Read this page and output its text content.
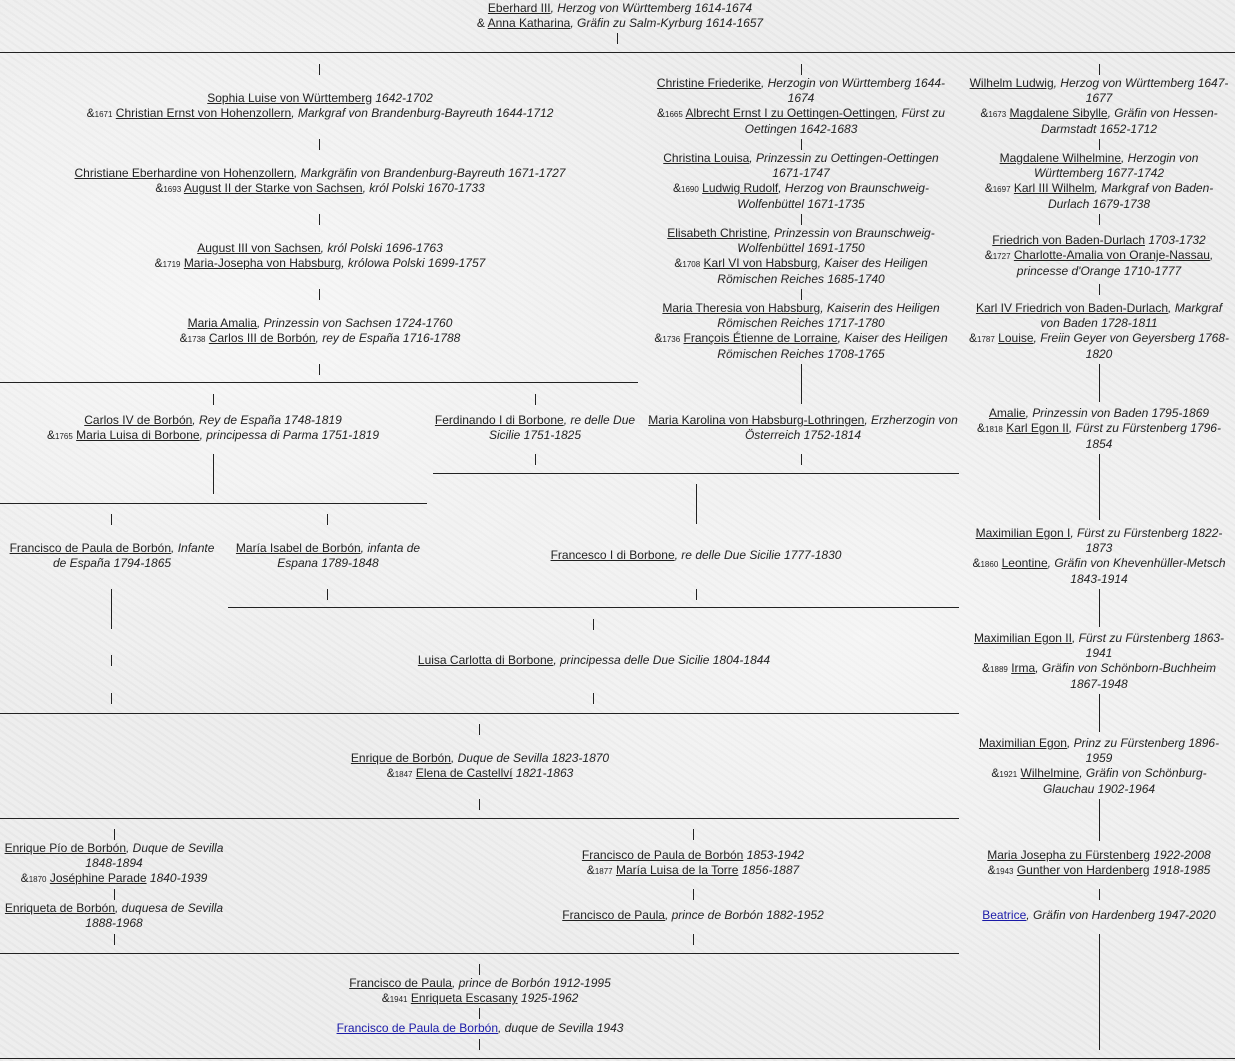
Eberhard III, Herzog von Württemberg 1614-1674
& Anna Katharina, Gräfin zu Salm-Kyrburg 1614-1657
Sophia Luise von Württemberg 1642-1702
&1671 Christian Ernst von Hohenzollern, Markgraf von Brandenburg-Bayreuth 1644-1712
Christiane Eberhardine von Hohenzollern, Markgräfin von Brandenburg-Bayreuth 1671-1727
&1693 August II der Starke von Sachsen, król Polski 1670-1733
August III von Sachsen, król Polski 1696-1763
&1719 Maria-Josepha von Habsburg, królowa Polski 1699-1757
Maria Amalia, Prinzessin von Sachsen 1724-1760
&1738 Carlos III de Borbón, rey de España 1716-1788
Christine Friederike, Herzogin von Württemberg 1644-1674
&1665 Albrecht Ernst I zu Oettingen-Oettingen, Fürst zu Oettingen 1642-1683
Christina Louisa, Prinzessin zu Oettingen-Oettingen 1671-1747
&1690 Ludwig Rudolf, Herzog von Braunschweig-Wolfenbüttel 1671-1735
Elisabeth Christine, Prinzessin von Braunschweig-Wolfenbüttel 1691-1750
&1708 Karl VI von Habsburg, Kaiser des Heiligen Römischen Reiches 1685-1740
Maria Theresia von Habsburg, Kaiserin des Heiligen Römischen Reiches 1717-1780
&1736 François Étienne de Lorraine, Kaiser des Heiligen Römischen Reiches 1708-1765
Wilhelm Ludwig, Herzog von Württemberg 1647-1677
&1673 Magdalene Sibylle, Gräfin von Hessen-Darmstadt 1652-1712
Magdalene Wilhelmine, Herzogin von Württemberg 1677-1742
&1697 Karl III Wilhelm, Markgraf von Baden-Durlach 1679-1738
Friedrich von Baden-Durlach 1703-1732
&1727 Charlotte-Amalia von Oranje-Nassau, princesse d'Orange 1710-1777
Karl IV Friedrich von Baden-Durlach, Markgraf von Baden 1728-1811
&1787 Louise, Freiin Geyer von Geyersberg 1768-1820
Amalie, Prinzessin von Baden 1795-1869
&1818 Karl Egon II, Fürst zu Fürstenberg 1796-1854
Maximilian Egon I, Fürst zu Fürstenberg 1822-1873
&1860 Leontine, Gräfin von Khevenhüller-Metsch 1843-1914
Maximilian Egon II, Fürst zu Fürstenberg 1863-1941
&1889 Irma, Gräfin von Schönborn-Buchheim 1867-1948
Maximilian Egon, Prinz zu Fürstenberg 1896-1959
&1921 Wilhelmine, Gräfin von Schönburg-Glauchau 1902-1964
Maria Josepha zu Fürstenberg 1922-2008
&1943 Gunther von Hardenberg 1918-1985
Beatrice, Gräfin von Hardenberg 1947-2020
Carlos IV de Borbón, Rey de España 1748-1819
&1765 Maria Luisa di Borbone, principessa di Parma 1751-1819
Ferdinando I di Borbone, re delle Due Sicilie 1751-1825
Maria Karolina von Habsburg-Lothringen, Erzherzogin von Österreich 1752-1814
Francisco de Paula de Borbón, Infante de España 1794-1865
María Isabel de Borbón, infanta de Espana 1789-1848
Francesco I di Borbone, re delle Due Sicilie 1777-1830
Luisa Carlotta di Borbone, principessa delle Due Sicilie 1804-1844
Enrique de Borbón, Duque de Sevilla 1823-1870
&1847 Elena de Castellví 1821-1863
Enrique Pío de Borbón, Duque de Sevilla 1848-1894
&1870 Joséphine Parade 1840-1939
Enriqueta de Borbón, duquesa de Sevilla 1888-1968
Francisco de Paula de Borbón 1853-1942
&1877 María Luisa de la Torre 1856-1887
Francisco de Paula, prince de Borbón 1882-1952
Francisco de Paula, prince de Borbón 1912-1995
&1941 Enriqueta Escasany 1925-1962
Francisco de Paula de Borbón, duque de Sevilla 1943
